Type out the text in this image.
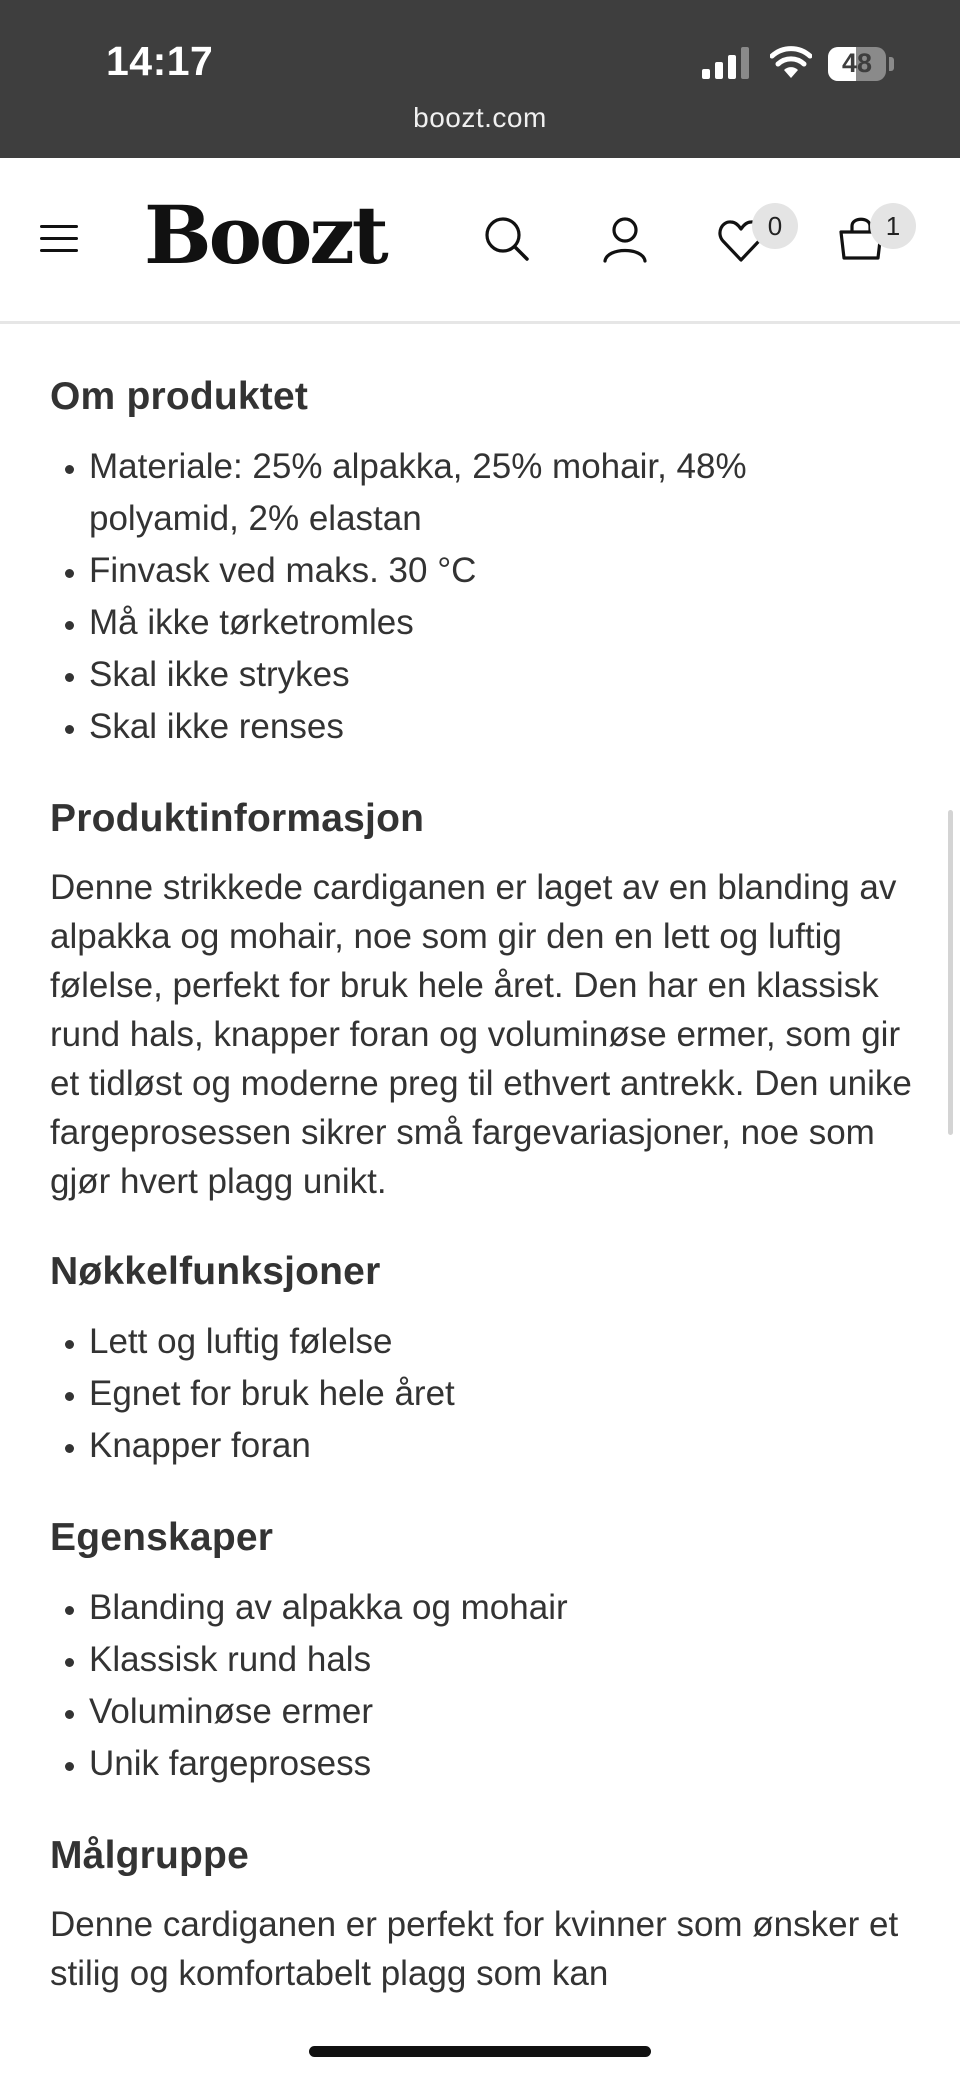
14:17	48
boozt.com
Boozt	0	1
Om produktet
• Materiale: 25% alpakka, 25% mohair, 48% polyamid, 2% elastan
• Finvask ved maks. 30 °C
• Må ikke tørketromles
• Skal ikke strykes
• Skal ikke renses
Produktinformasjon

Denne strikkede cardiganen er laget av en blanding av alpakka og mohair, noe som gir den en lett og luftig følelse, perfekt for bruk hele året. Den har en klassisk rund hals, knapper foran og voluminøse ermer, som gir et tidløst og moderne preg til ethvert antrekk. Den unike fargeprosessen sikrer små fargevariasjoner, noe som gjør hvert plagg unikt.

Nøkkelfunksjoner
• Lett og luftig følelse
• Egnet for bruk hele året
• Knapper foran
Egenskaper
• Blanding av alpakka og mohair
• Klassisk rund hals
• Voluminøse ermer
• Unik fargeprosess
Målgruppe

Denne cardiganen er perfekt for kvinner som ønsker et stilig og komfortabelt plagg som kan
